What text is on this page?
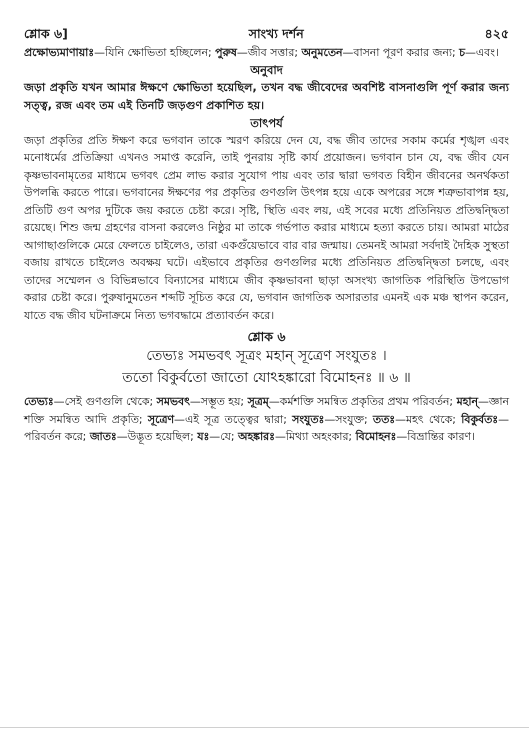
শ্লোক ৬]	সাংখ্য দর্শন	৪২৫

প্রক্ষোভ্যমাণায়াঃ—যিনি ক্ষোভিতা হচ্ছিলেন; পুরুষ—জীব সত্তার; অনুমতেন—বাসনা পূরণ করার জন্য; চ—এবং।

অনুবাদ

জড়া প্রকৃতি যখন আমার ঈক্ষণে ক্ষোভিতা হয়েছিল, তখন বদ্ধ জীবেদের অবশিষ্ট বাসনাগুলি পূর্ণ করার জন্য সত্ত্ব, রজ এবং তম এই তিনটি জড়গুণ প্রকাশিত হয়।

তাৎপর্য

জড়া প্রকৃতির প্রতি ঈক্ষণ করে ভগবান তাকে স্মরণ করিয়ে দেন যে, বদ্ধ জীব তাদের সকাম কর্মের শৃঙ্খল এবং মনোধর্মের প্রতিক্রিয়া এখনও সমাপ্ত করেনি, তাই পুনরায় সৃষ্টি কার্য প্রয়োজন। ভগবান চান যে, বদ্ধ জীব যেন কৃষ্ণভাবনামৃতের মাধ্যমে ভগবৎ প্রেম লাভ করার সুযোগ পায় এবং তার দ্বারা ভগবত বিহীন জীবনের অনর্থকতা উপলব্ধি করতে পারে। ভগবানের ঈক্ষণের পর প্রকৃতির গুণগুলি উৎপন্ন হয়ে একে অপরের সঙ্গে শত্রুভাবাপন্ন হয়, প্রতিটি গুণ অপর দুটিকে জয় করতে চেষ্টা করে। সৃষ্টি, স্থিতি এবং লয়, এই সবের মধ্যে প্রতিনিয়ত প্রতিদ্বন্দ্বিতা রয়েছে। শিশু জন্ম গ্রহণের বাসনা করলেও নিষ্ঠুর মা তাকে গর্ভপাত করার মাধ্যমে হত্যা করতে চায়। আমরা মাঠের আগাছাগুলিকে মেরে ফেলতে চাইলেও, তারা একগুঁয়েভাবে বার বার জন্মায়। তেমনই আমরা সর্বদাই দৈহিক সুস্থতা বজায় রাখতে চাইলেও অবক্ষয় ঘটে। এইভাবে প্রকৃতির গুণগুলির মধ্যে প্রতিনিয়ত প্রতিদ্বন্দ্বিতা চলছে, এবং তাদের সম্মেলন ও বিভিন্নভাবে বিন্যাসের মাধ্যমে জীব কৃষ্ণভাবনা ছাড়া অসংখ্য জাগতিক পরিস্থিতি উপভোগ করার চেষ্টা করে। পুরুষানুমতেন শব্দটি সূচিত করে যে, ভগবান জাগতিক অসারতার এমনই এক মঞ্চ স্থাপন করেন, যাতে বদ্ধ জীব ঘটনাক্রমে নিত্য ভগবদ্ধামে প্রত্যাবর্তন করে।

শ্লোক ৬

তেভ্যঃ সমভবৎ সূত্রং মহান্ সূত্রেণ সংযুতঃ ।

ততো বিকুর্বতো জাতো যোঽহঙ্কারো বিমোহনঃ ॥ ৬ ॥

তেভ্যঃ—সেই গুণগুলি থেকে; সমভবৎ—সম্ভূত হয়; সূত্রম্—কর্মশক্তি সমন্বিত প্রকৃতির প্রথম পরিবর্তন; মহান্—জ্ঞান শক্তি সমন্বিত আদি প্রকৃতি; সূত্রেণ—এই সূত্র তত্ত্বের দ্বারা; সংযুতঃ—সংযুক্ত; ততঃ—মহৎ থেকে; বিকুর্বতঃ—পরিবর্তন করে; জাতঃ—উদ্ভূত হয়েছিল; যঃ—যে; অহঙ্কারঃ—মিথ্যা অহংকার; বিমোহনঃ—বিভ্রান্তির কারণ।
